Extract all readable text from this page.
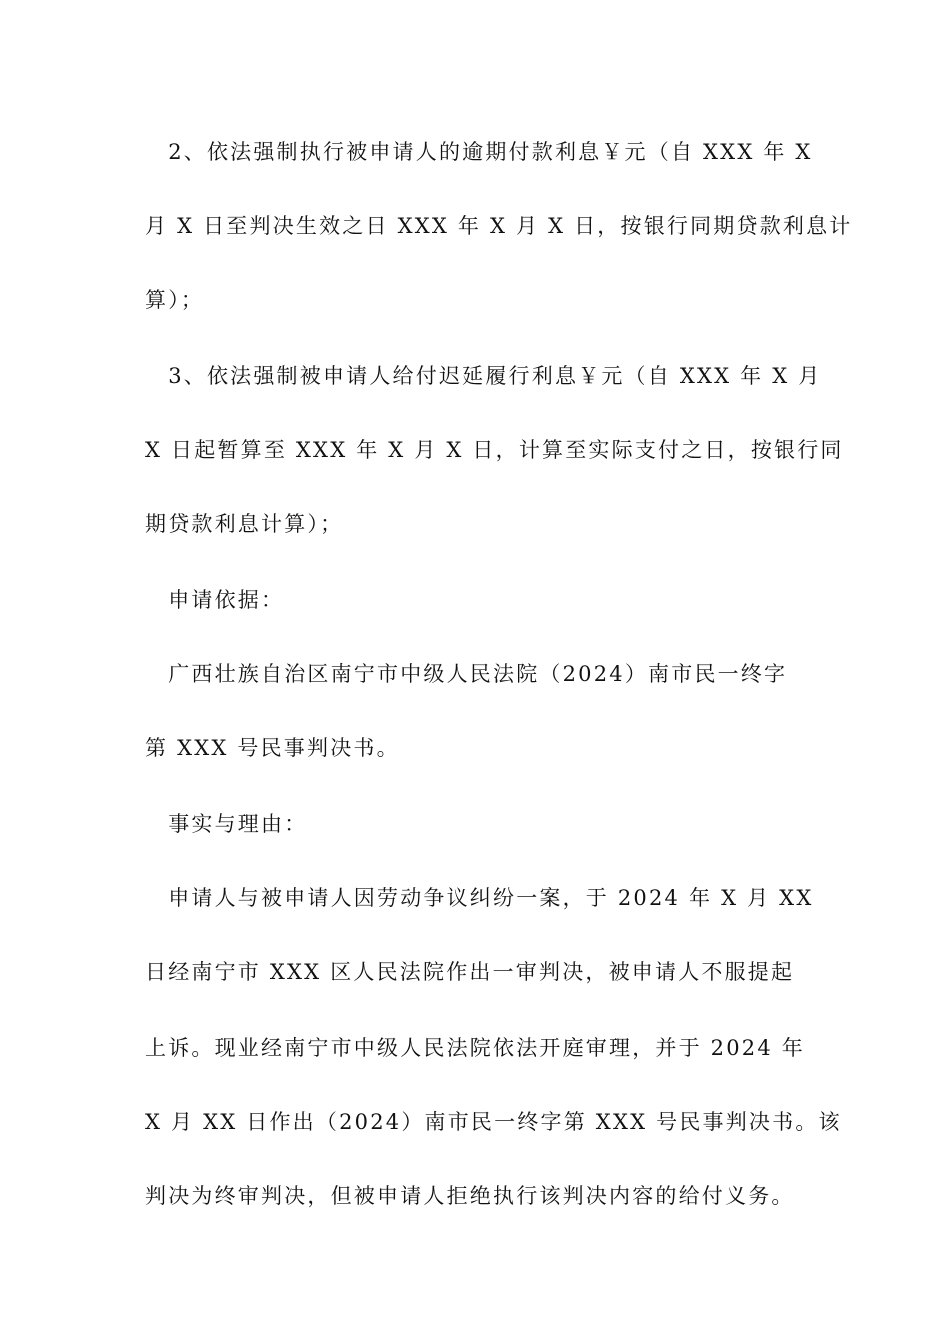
　2、依法强制执行被申请人的逾期付款利息￥元（自 XXX 年 X
月 X 日至判决生效之日 XXX 年 X 月 X 日，按银行同期贷款利息计
算）；
　3、依法强制被申请人给付迟延履行利息￥元（自 XXX 年 X 月
X 日起暂算至 XXX 年 X 月 X 日，计算至实际支付之日，按银行同
期贷款利息计算）；
　申请依据：
　广西壮族自治区南宁市中级人民法院（2024）南市民一终字
第 XXX 号民事判决书。
　事实与理由：
　申请人与被申请人因劳动争议纠纷一案，于 2024 年 X 月 XX
日经南宁市 XXX 区人民法院作出一审判决，被申请人不服提起
上诉。现业经南宁市中级人民法院依法开庭审理，并于 2024 年
X 月 XX 日作出（2024）南市民一终字第 XXX 号民事判决书。该
判决为终审判决，但被申请人拒绝执行该判决内容的给付义务。
